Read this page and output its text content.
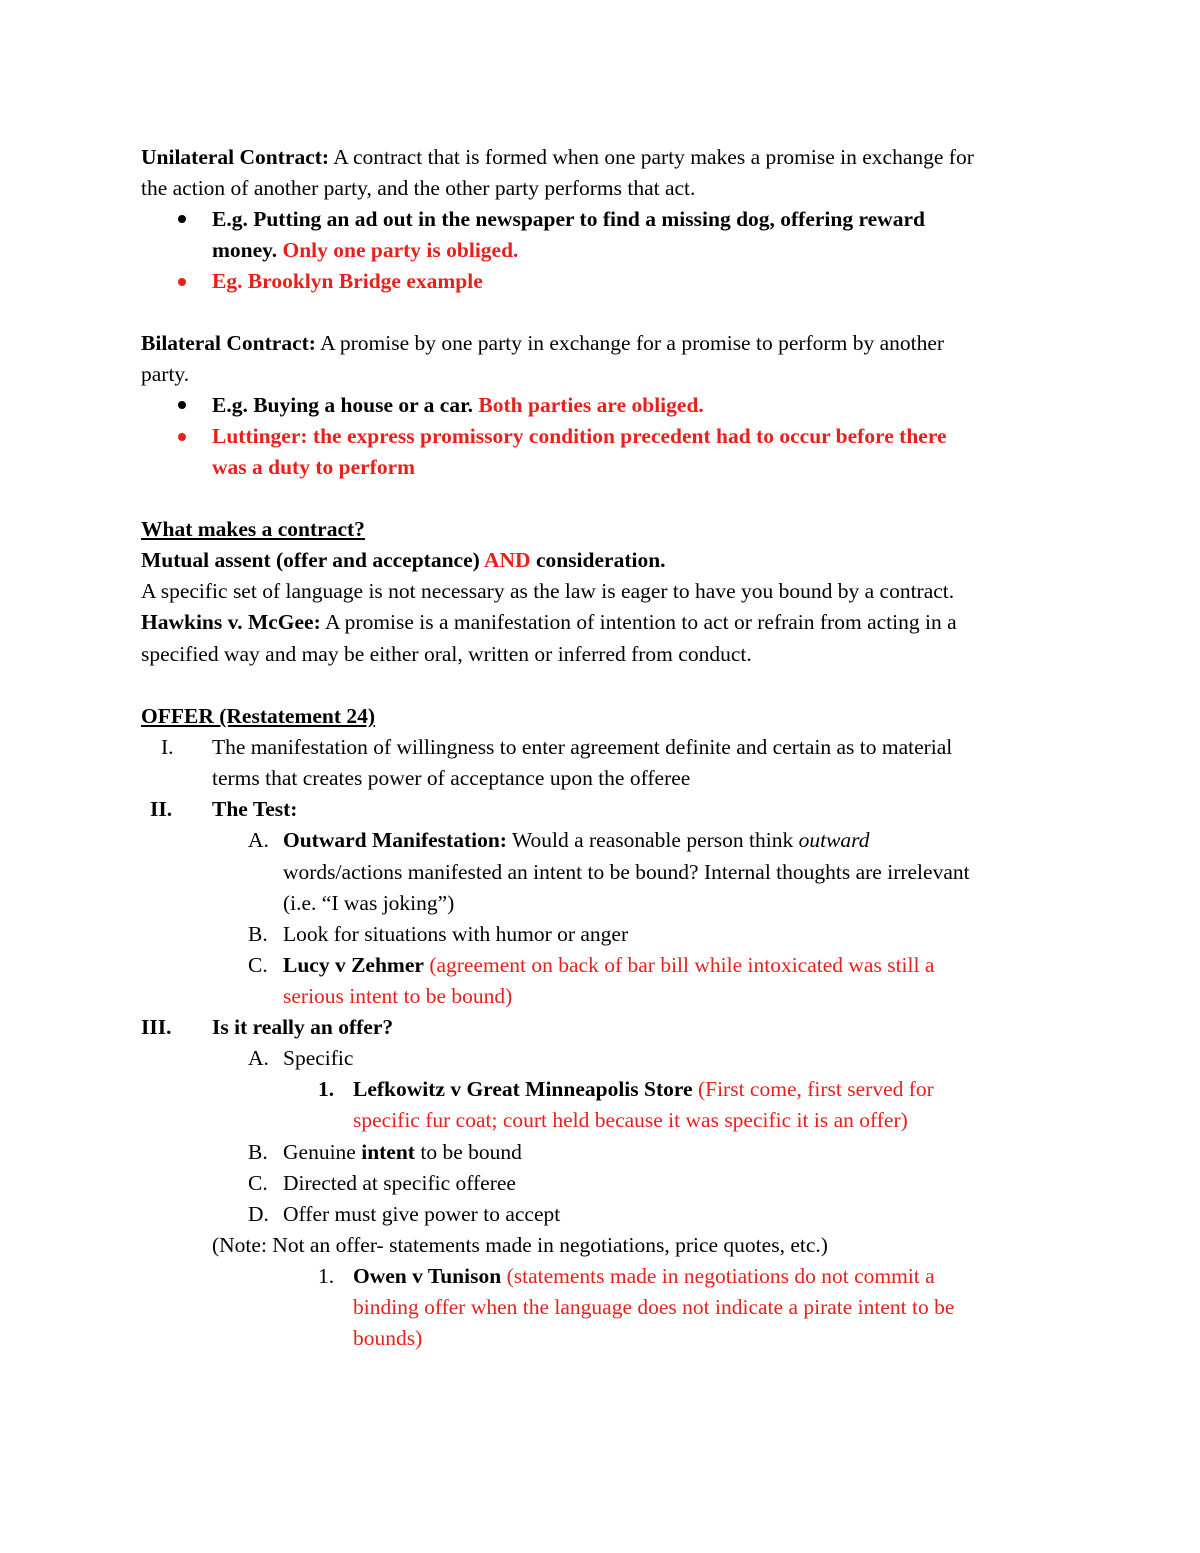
Unilateral Contract: A contract that is formed when one party makes a promise in exchange for
the action of another party, and the other party performs that act.
E.g. Putting an ad out in the newspaper to find a missing dog, offering reward
money. Only one party is obliged.
Eg. Brooklyn Bridge example
Bilateral Contract: A promise by one party in exchange for a promise to perform by another
party.
E.g. Buying a house or a car. Both parties are obliged.
Luttinger: the express promissory condition precedent had to occur before there
was a duty to perform
What makes a contract?
Mutual assent (offer and acceptance) AND consideration.
A specific set of language is not necessary as the law is eager to have you bound by a contract.
Hawkins v. McGee: A promise is a manifestation of intention to act or refrain from acting in a
specified way and may be either oral, written or inferred from conduct.
OFFER (Restatement 24)
I. The manifestation of willingness to enter agreement definite and certain as to material
terms that creates power of acceptance upon the offeree
II. The Test:
A. Outward Manifestation: Would a reasonable person think outward
words/actions manifested an intent to be bound? Internal thoughts are irrelevant
(i.e. “I was joking”)
B. Look for situations with humor or anger
C. Lucy v Zehmer (agreement on back of bar bill while intoxicated was still a
serious intent to be bound)
III. Is it really an offer?
A. Specific
1. Lefkowitz v Great Minneapolis Store (First come, first served for
specific fur coat; court held because it was specific it is an offer)
B. Genuine intent to be bound
C. Directed at specific offeree
D. Offer must give power to accept
(Note: Not an offer- statements made in negotiations, price quotes, etc.)
1. Owen v Tunison (statements made in negotiations do not commit a
binding offer when the language does not indicate a pirate intent to be
bounds)
